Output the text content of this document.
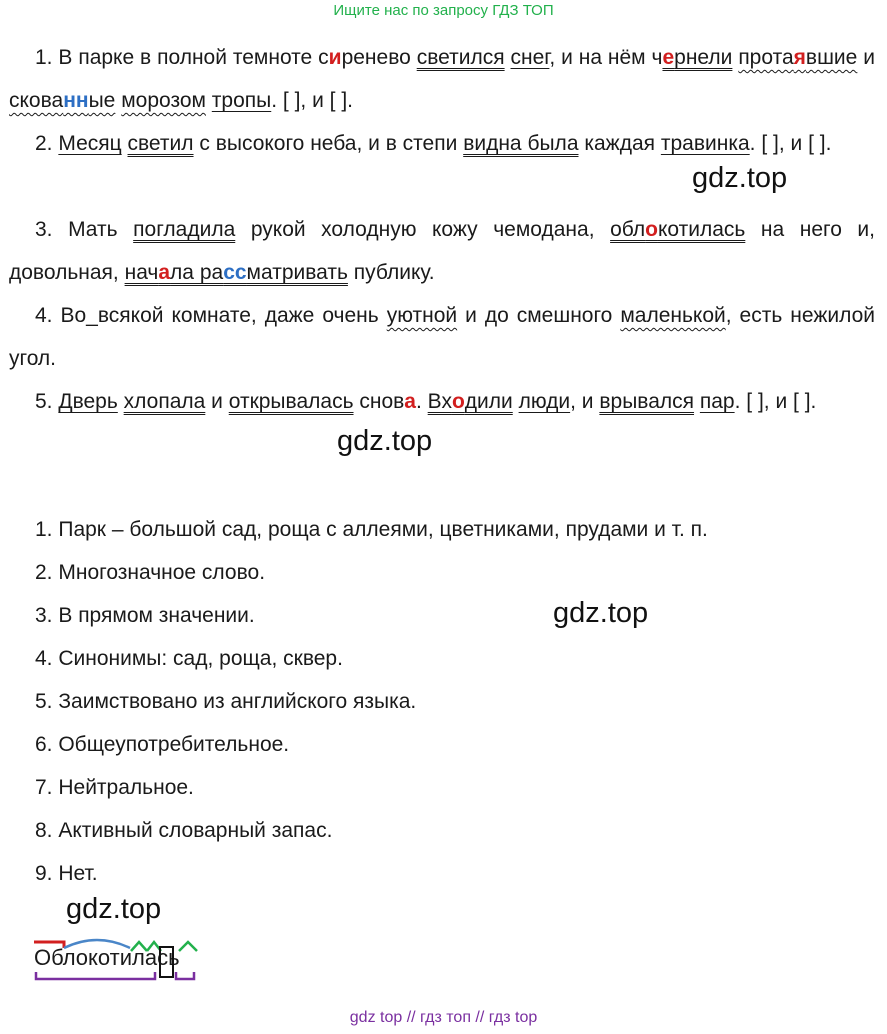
Ищите нас по запросу ГДЗ ТОП
1. В парке в полной темноте сиренево светился снег, и на нём чернели протаявшие и скованные морозом тропы. [ ], и [ ].
2. Месяц светил с высокого неба, и в степи видна была каждая травинка. [ ], и [ ].
3. Мать погладила рукой холодную кожу чемодана, облокотилась на него и, довольная, начала рассматривать публику.
4. Во_всякой комнате, даже очень уютной и до смешного маленькой, есть нежилой угол.
5. Дверь хлопала и открывалась снова. Входили люди, и врывался пар. [ ], и [ ].
gdz.top
gdz.top
gdz.top
gdz.top
1. Парк – большой сад, роща с аллеями, цветниками, прудами и т. п.
2. Многозначное слово.
3. В прямом значении.
4. Синонимы: сад, роща, сквер.
5. Заимствовано из английского языка.
6. Общеупотребительное.
7. Нейтральное.
8. Активный словарный запас.
9. Нет.
Облокотилась
gdz top // гдз топ // гдз top
